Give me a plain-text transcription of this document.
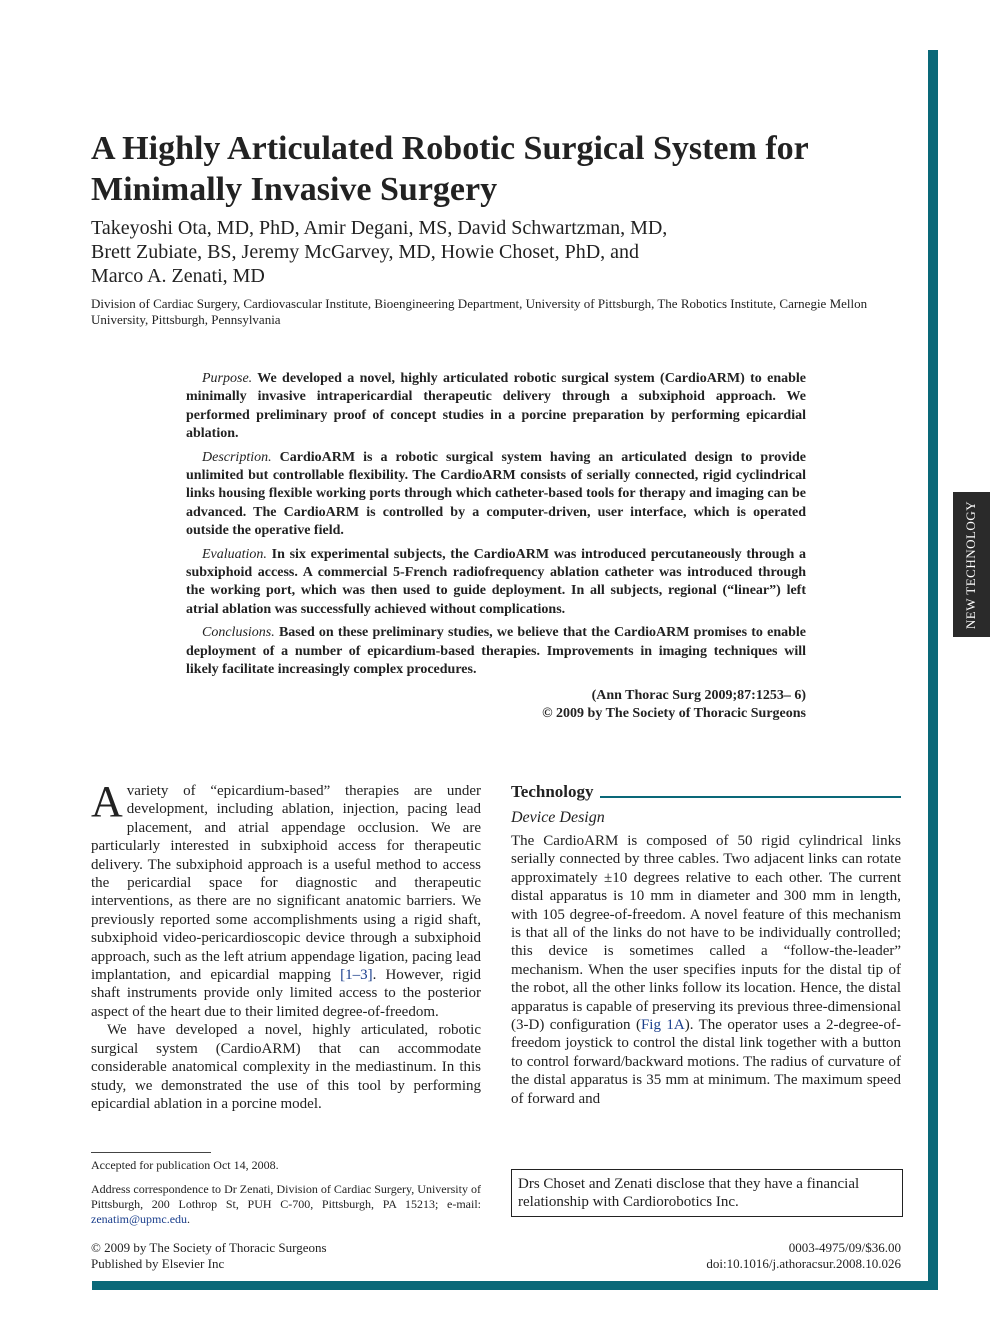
NEW TECHNOLOGY
A Highly Articulated Robotic Surgical System for Minimally Invasive Surgery
Takeyoshi Ota, MD, PhD, Amir Degani, MS, David Schwartzman, MD,
Brett Zubiate, BS, Jeremy McGarvey, MD, Howie Choset, PhD, and
Marco A. Zenati, MD
Division of Cardiac Surgery, Cardiovascular Institute, Bioengineering Department, University of Pittsburgh, The Robotics Institute, Carnegie Mellon University, Pittsburgh, Pennsylvania

Purpose. We developed a novel, highly articulated robotic surgical system (CardioARM) to enable minimally invasive intrapericardial therapeutic delivery through a subxiphoid approach. We performed preliminary proof of concept studies in a porcine preparation by performing epicardial ablation.

Description. CardioARM is a robotic surgical system having an articulated design to provide unlimited but controllable flexibility. The CardioARM consists of serially connected, rigid cyclindrical links housing flexible working ports through which catheter-based tools for therapy and imaging can be advanced. The CardioARM is controlled by a computer-driven, user interface, which is operated outside the operative field.

Evaluation. In six experimental subjects, the CardioARM was introduced percutaneously through a subxiphoid access. A commercial 5-French radiofrequency ablation catheter was introduced through the working port, which was then used to guide deployment. In all subjects, regional (“linear”) left atrial ablation was successfully achieved without complications.

Conclusions. Based on these preliminary studies, we believe that the CardioARM promises to enable deployment of a number of epicardium-based therapies. Improvements in imaging techniques will likely facilitate increasingly complex procedures.

(Ann Thorac Surg 2009;87:1253– 6)
© 2009 by The Society of Thoracic Surgeons

Avariety of “epicardium-based” therapies are under development, including ablation, injection, pacing lead placement, and atrial appendage occlusion. We are particularly interested in subxiphoid access for therapeutic delivery. The subxiphoid approach is a useful method to access the pericardial space for diagnostic and therapeutic interventions, as there are no significant anatomic barriers. We previously reported some accomplishments using a rigid shaft, subxiphoid video-pericardioscopic device through a subxiphoid approach, such as the left atrium appendage ligation, pacing lead implantation, and epicardial mapping [1–3]. However, rigid shaft instruments provide only limited access to the posterior aspect of the heart due to their limited degree-of-freedom.

We have developed a novel, highly articulated, robotic surgical system (CardioARM) that can accommodate considerable anatomical complexity in the mediastinum. In this study, we demonstrated the use of this tool by performing epicardial ablation in a porcine model.

Technology
Device Design

The CardioARM is composed of 50 rigid cylindrical links serially connected by three cables. Two adjacent links can rotate approximately ±10 degrees relative to each other. The current distal apparatus is 10 mm in diameter and 300 mm in length, with 105 degree-of-freedom. A novel feature of this mechanism is that all of the links do not have to be individually controlled; this device is sometimes called a “follow-the-leader” mechanism. When the user specifies inputs for the distal tip of the robot, all the other links follow its location. Hence, the distal apparatus is capable of preserving its previous three-dimensional (3-D) configuration (Fig 1A). The operator uses a 2-degree-of-freedom joystick to control the distal link together with a button to control forward/backward motions. The radius of curvature of the distal apparatus is 35 mm at minimum. The maximum speed of forward and

Accepted for publication Oct 14, 2008.
Address correspondence to Dr Zenati, Division of Cardiac Surgery, University of Pittsburgh, 200 Lothrop St, PUH C-700, Pittsburgh, PA 15213; e-mail: zenatim@upmc.edu.
Drs Choset and Zenati disclose that they have a financial relationship with Cardiorobotics Inc.
© 2009 by The Society of Thoracic Surgeons
Published by Elsevier Inc
0003-4975/09/$36.00
doi:10.1016/j.athoracsur.2008.10.026
